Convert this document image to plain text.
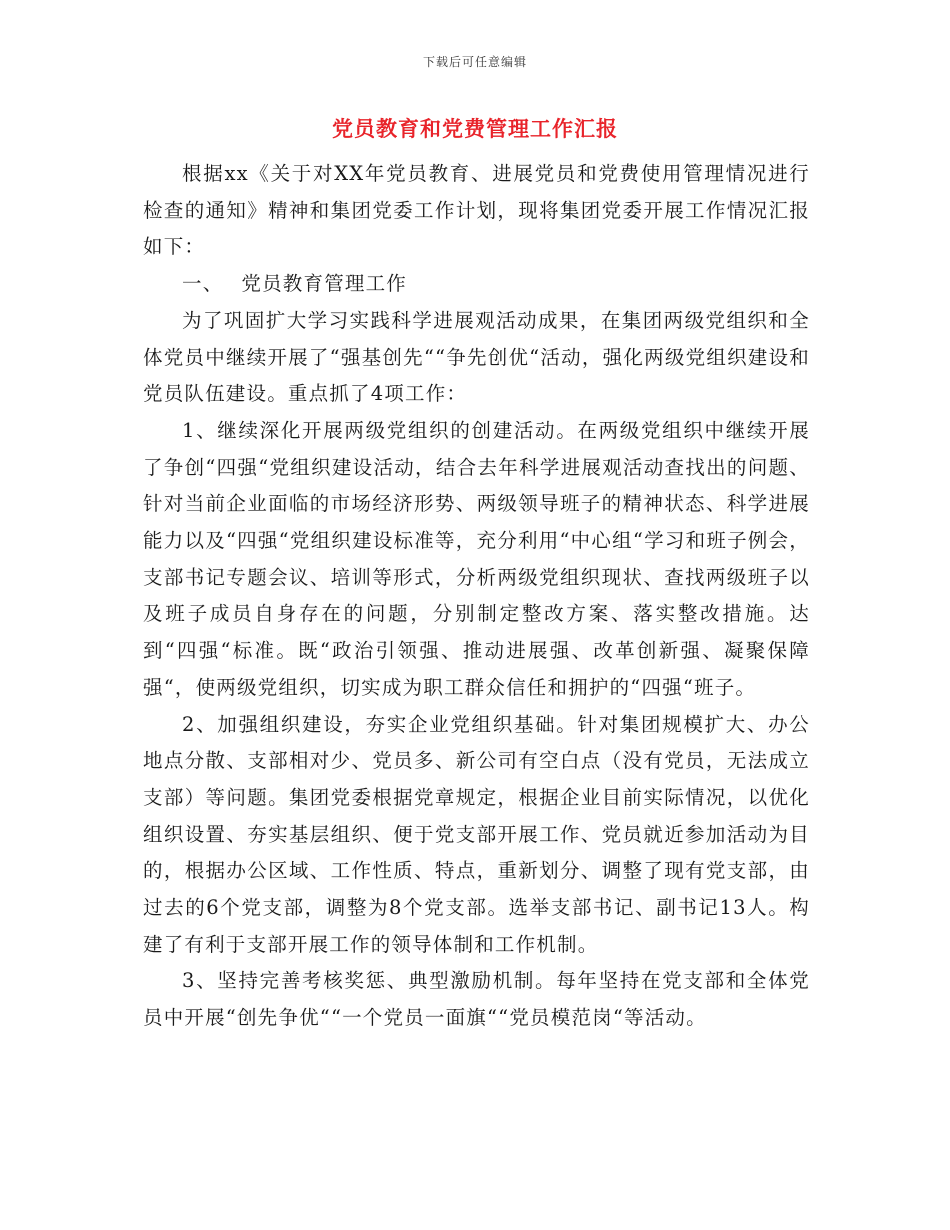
下载后可任意编辑
党员教育和党费管理工作汇报

根据xx《关于对XX年党员教育、进展党员和党费使用管理情况进行检查的通知》精神和集团党委工作计划，现将集团党委开展工作情况汇报如下：

一、 党员教育管理工作

为了巩固扩大学习实践科学进展观活动成果，在集团两级党组织和全体党员中继续开展了“强基创先““争先创优“活动，强化两级党组织建设和党员队伍建设。重点抓了4项工作：

1、继续深化开展两级党组织的创建活动。在两级党组织中继续开展了争创“四强“党组织建设活动，结合去年科学进展观活动查找出的问题、针对当前企业面临的市场经济形势、两级领导班子的精神状态、科学进展能力以及“四强“党组织建设标准等，充分利用“中心组“学习和班子例会，支部书记专题会议、培训等形式，分析两级党组织现状、查找两级班子以及班子成员自身存在的问题，分别制定整改方案、落实整改措施。达到“四强“标准。既“政治引领强、推动进展强、改革创新强、凝聚保障强“，使两级党组织，切实成为职工群众信任和拥护的“四强“班子。

2、加强组织建设，夯实企业党组织基础。针对集团规模扩大、办公地点分散、支部相对少、党员多、新公司有空白点（没有党员，无法成立支部）等问题。集团党委根据党章规定，根据企业目前实际情况，以优化组织设置、夯实基层组织、便于党支部开展工作、党员就近参加活动为目的，根据办公区域、工作性质、特点，重新划分、调整了现有党支部，由过去的6个党支部，调整为8个党支部。选举支部书记、副书记13人。构建了有利于支部开展工作的领导体制和工作机制。

3、坚持完善考核奖惩、典型激励机制。每年坚持在党支部和全体党员中开展“创先争优““一个党员一面旗““党员模范岗“等活动。
